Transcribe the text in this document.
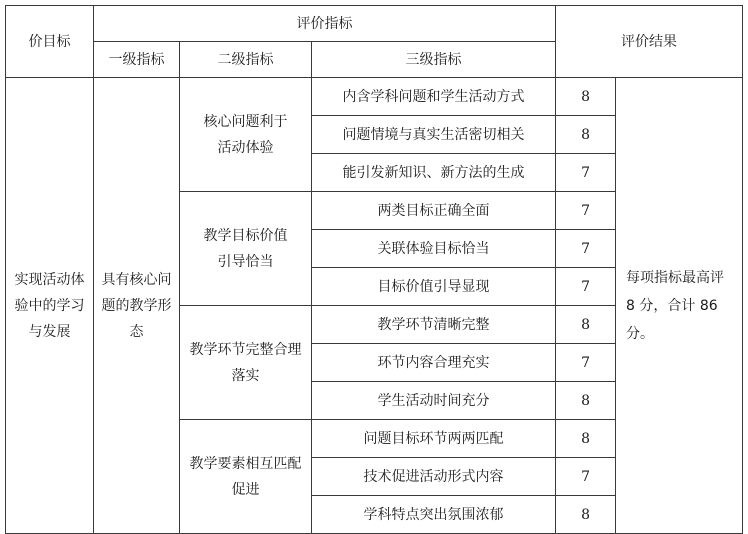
价目标	评价指标			评价结果	
	一级指标	二级指标	三级指标		
实现活动体验中的学习与发展	具有核心问题的教学形态	核心问题利于活动体验	内含学科问题和学生活动方式	8	每项指标最高评 8 分，合计 86 分。
			问题情境与真实生活密切相关	8	
			能引发新知识、新方法的生成	7	
		教学目标价值引导恰当	两类目标正确全面	7	
			关联体验目标恰当	7	
			目标价值引导显现	7	
		教学环节完整合理落实	教学环节清晰完整	8	
			环节内容合理充实	7	
			学生活动时间充分	8	
		教学要素相互匹配促进	问题目标环节两两匹配	8	
			技术促进活动形式内容	7	
			学科特点突出氛围浓郁	8	
